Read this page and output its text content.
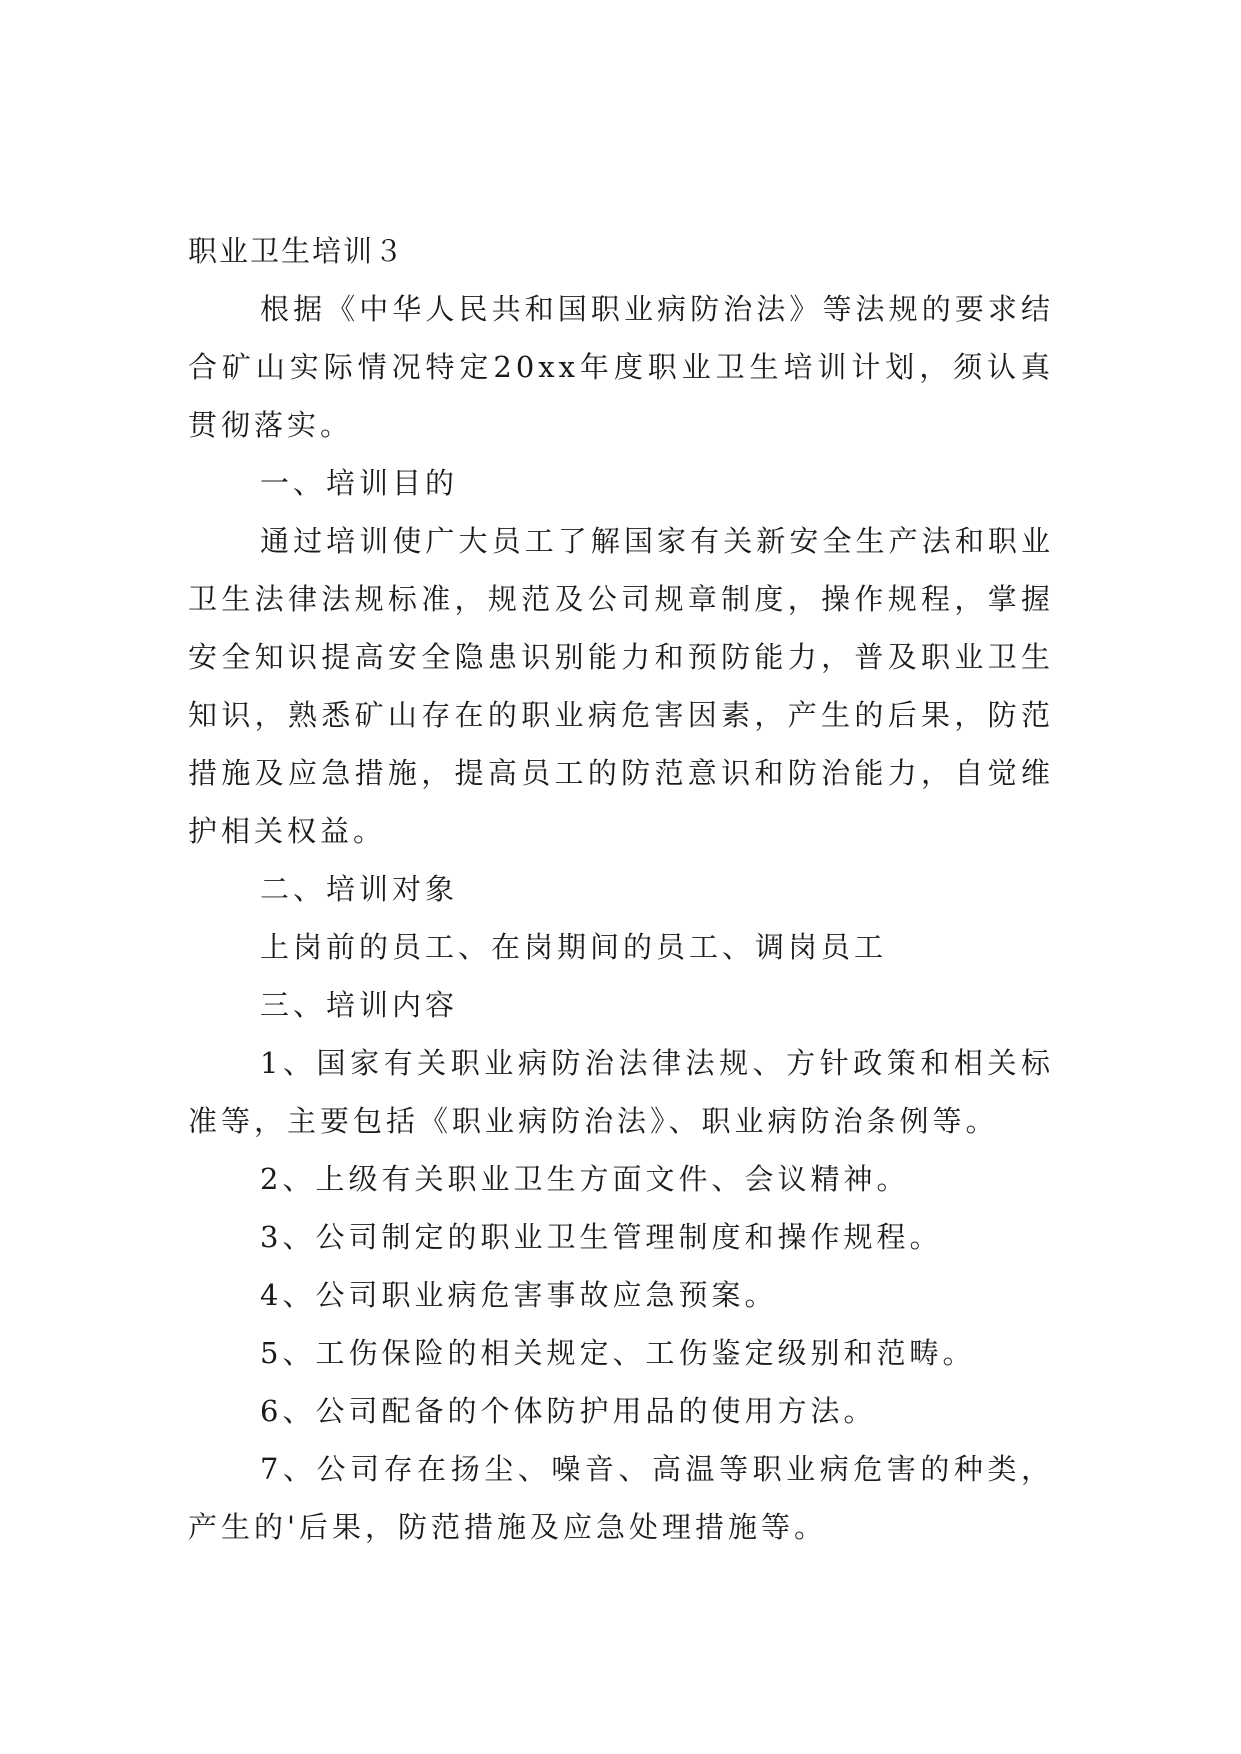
职业卫生培训３

根据《中华人民共和国职业病防治法》等法规的要求结合矿山实际情况特定20xx年度职业卫生培训计划，须认真贯彻落实。

一、培训目的

通过培训使广大员工了解国家有关新安全生产法和职业卫生法律法规标准，规范及公司规章制度，操作规程，掌握安全知识提高安全隐患识别能力和预防能力，普及职业卫生知识，熟悉矿山存在的职业病危害因素，产生的后果，防范措施及应急措施，提高员工的防范意识和防治能力，自觉维护相关权益。

二、培训对象

上岗前的员工、在岗期间的员工、调岗员工

三、培训内容

1、国家有关职业病防治法律法规、方针政策和相关标准等，主要包括《职业病防治法》、职业病防治条例等。

2、上级有关职业卫生方面文件、会议精神。

3、公司制定的职业卫生管理制度和操作规程。

4、公司职业病危害事故应急预案。

5、工伤保险的相关规定、工伤鉴定级别和范畴。

6、公司配备的个体防护用品的使用方法。

7、公司存在扬尘、噪音、高温等职业病危害的种类，产生的'后果，防范措施及应急处理措施等。
